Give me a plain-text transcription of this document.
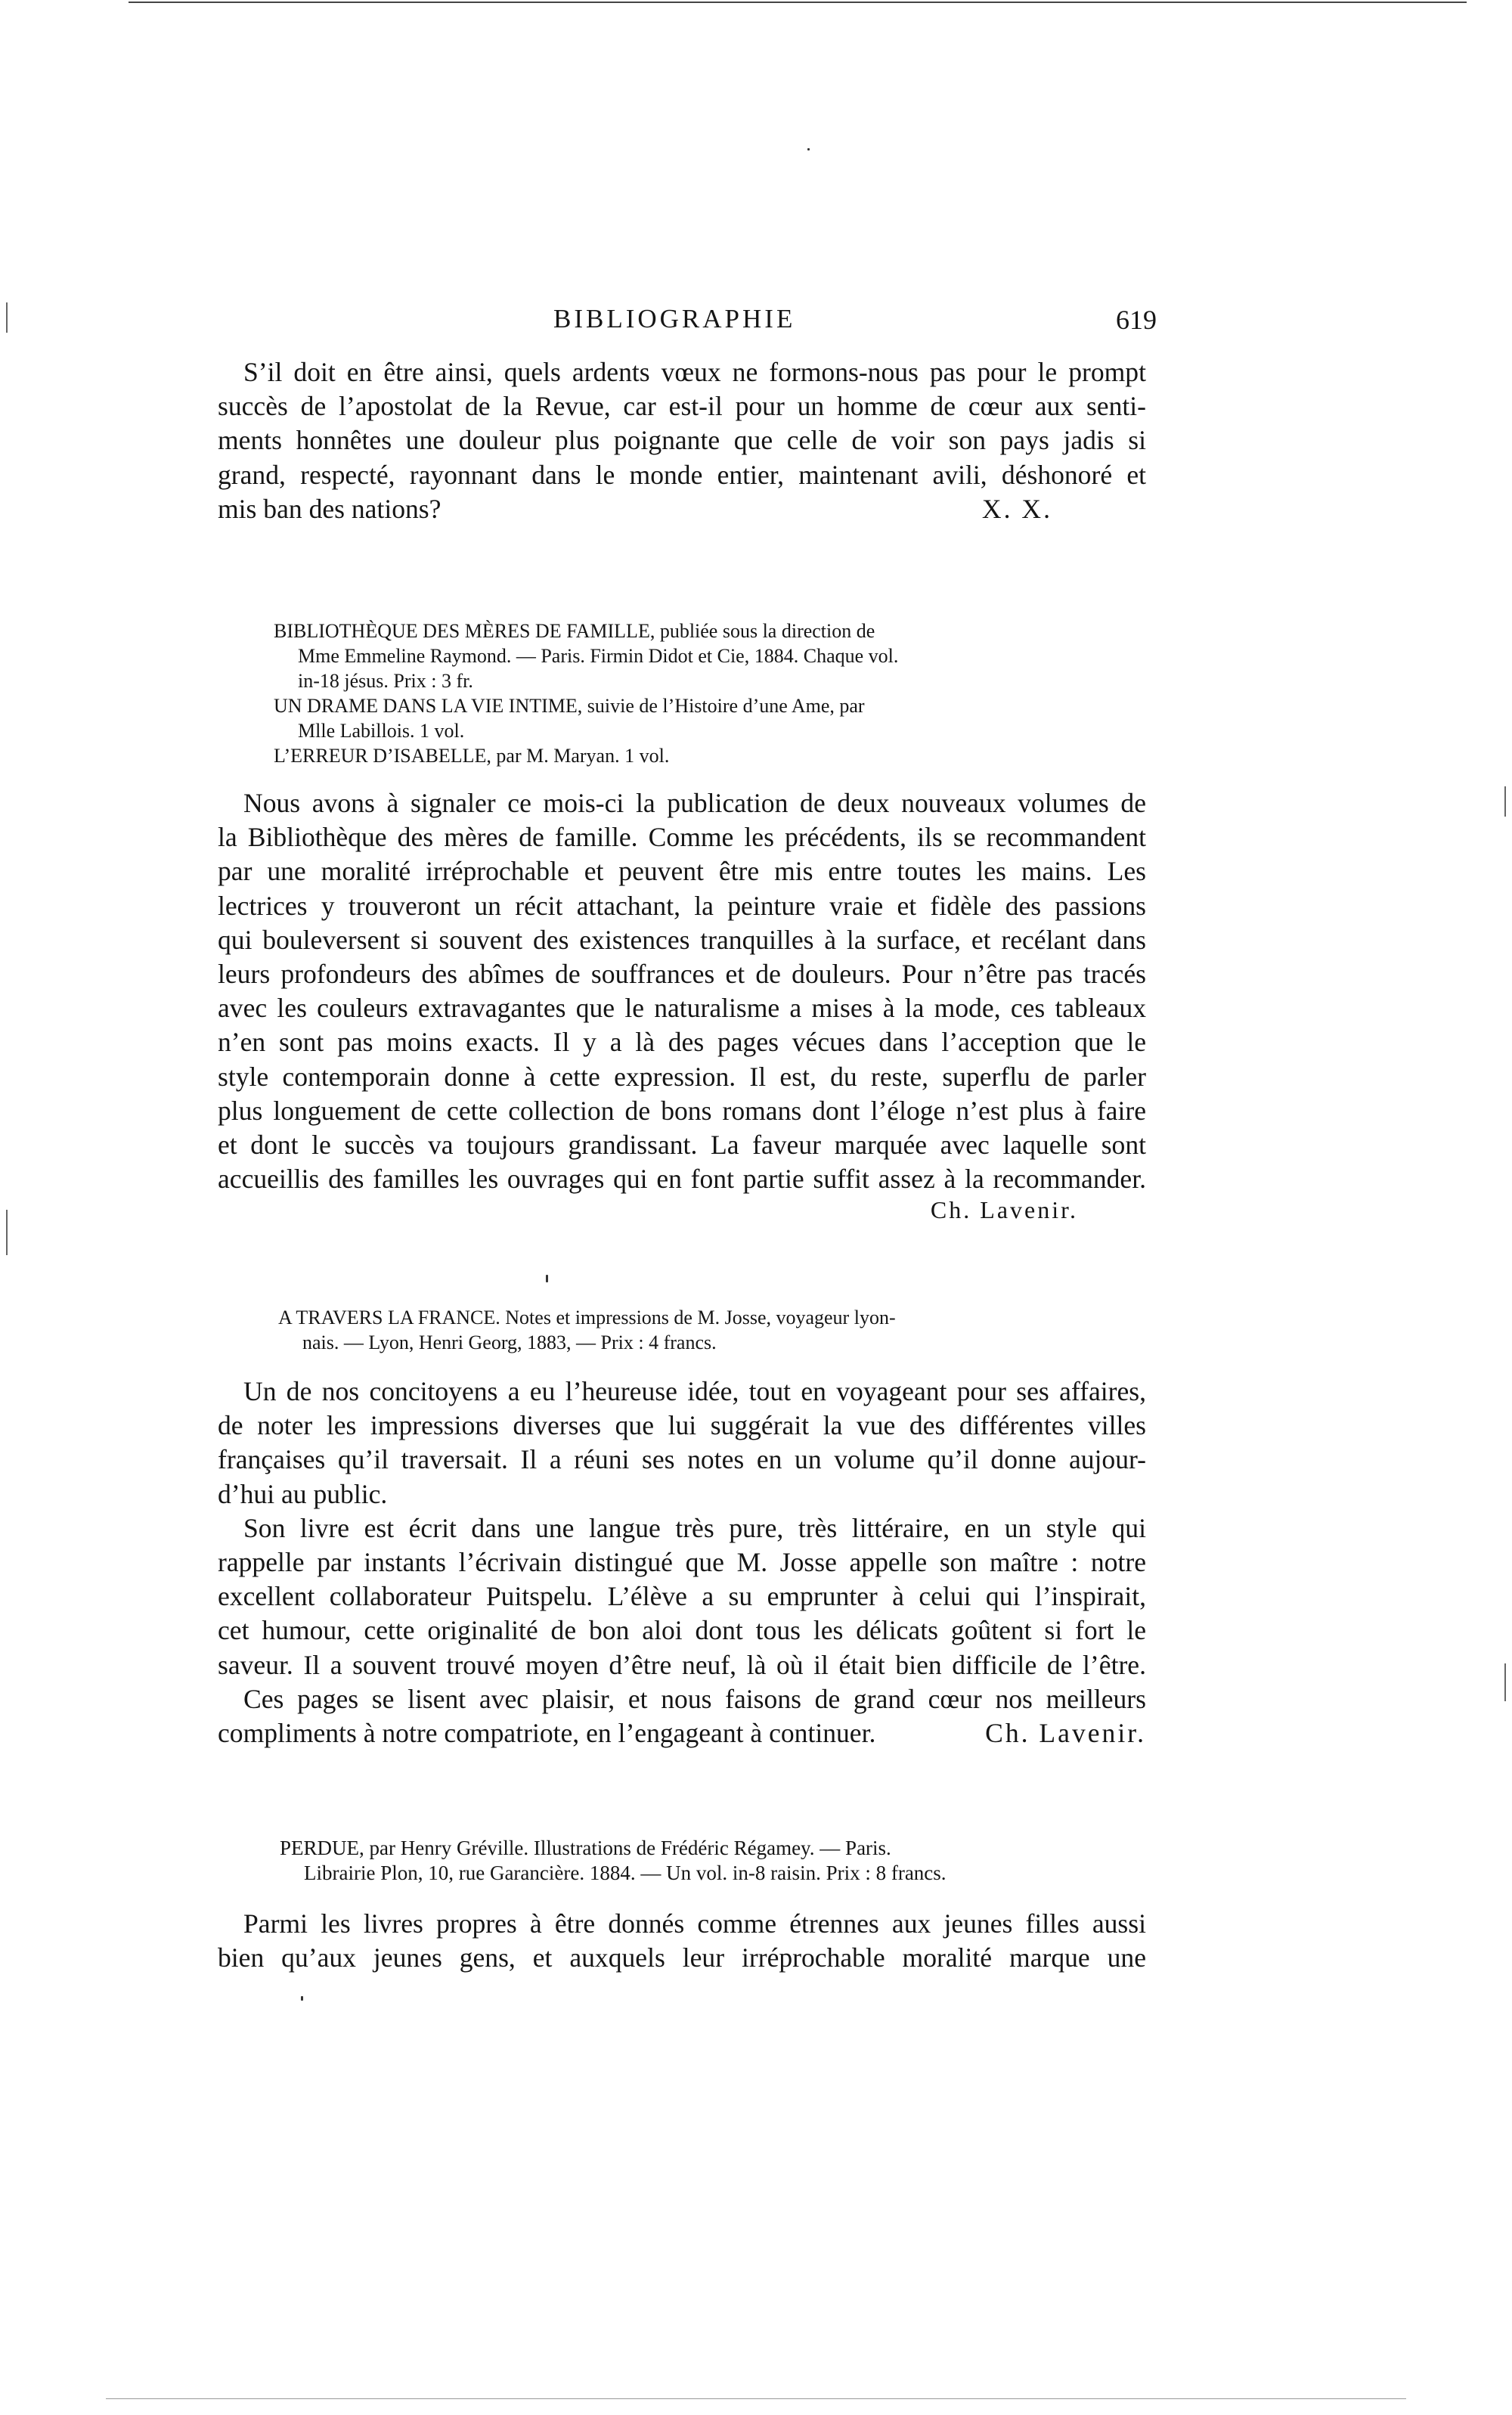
BIBLIOGRAPHIE	619

S’il doit en être ainsi, quels ardents vœux ne formons-nous pas pour le prompt
succès de l’apostolat de la Revue, car est-il pour un homme de cœur aux senti-
ments honnêtes une douleur plus poignante que celle de voir son pays jadis si
grand, respecté, rayonnant dans le monde entier, maintenant avili, déshonoré et
mis ban des nations?	X. X.

BIBLIOTHÈQUE DES MÈRES DE FAMILLE, publiée sous la direction de

Mme Emmeline Raymond. — Paris. Firmin Didot et Cie, 1884. Chaque vol.

in-18 jésus. Prix : 3 fr.

UN DRAME DANS LA VIE INTIME, suivie de l’Histoire d’une Ame, par

Mlle Labillois. 1 vol.

L’ERREUR D’ISABELLE, par M. Maryan. 1 vol.

Nous avons à signaler ce mois-ci la publication de deux nouveaux volumes de
la Bibliothèque des mères de famille. Comme les précédents, ils se recommandent
par une moralité irréprochable et peuvent être mis entre toutes les mains. Les
lectrices y trouveront un récit attachant, la peinture vraie et fidèle des passions
qui bouleversent si souvent des existences tranquilles à la surface, et recélant dans
leurs profondeurs des abîmes de souffrances et de douleurs. Pour n’être pas tracés
avec les couleurs extravagantes que le naturalisme a mises à la mode, ces tableaux
n’en sont pas moins exacts. Il y a là des pages vécues dans l’acception que le
style contemporain donne à cette expression. Il est, du reste, superflu de parler
plus longuement de cette collection de bons romans dont l’éloge n’est plus à faire
et dont le succès va toujours grandissant. La faveur marquée avec laquelle sont
accueillis des familles les ouvrages qui en font partie suffit assez à la recommander.

Ch. Lavenir.

A TRAVERS LA FRANCE. Notes et impressions de M. Josse, voyageur lyon-

nais. — Lyon, Henri Georg, 1883, — Prix : 4 francs.

Un de nos concitoyens a eu l’heureuse idée, tout en voyageant pour ses affaires,
de noter les impressions diverses que lui suggérait la vue des différentes villes
françaises qu’il traversait. Il a réuni ses notes en un volume qu’il donne aujour-
d’hui au public.

Son livre est écrit dans une langue très pure, très littéraire, en un style qui
rappelle par instants l’écrivain distingué que M. Josse appelle son maître : notre
excellent collaborateur Puitspelu. L’élève a su emprunter à celui qui l’inspirait,
cet humour, cette originalité de bon aloi dont tous les délicats goûtent si fort le
saveur. Il a souvent trouvé moyen d’être neuf, là où il était bien difficile de l’être.

Ces pages se lisent avec plaisir, et nous faisons de grand cœur nos meilleurs
compliments à notre compatriote, en l’engageant à continuer.	Ch. Lavenir.

PERDUE, par Henry Gréville. Illustrations de Frédéric Régamey. — Paris.

Librairie Plon, 10, rue Garancière. 1884. — Un vol. in-8 raisin. Prix : 8 francs.

Parmi les livres propres à être donnés comme étrennes aux jeunes filles aussi
bien qu’aux jeunes gens, et auxquels leur irréprochable moralité marque une
